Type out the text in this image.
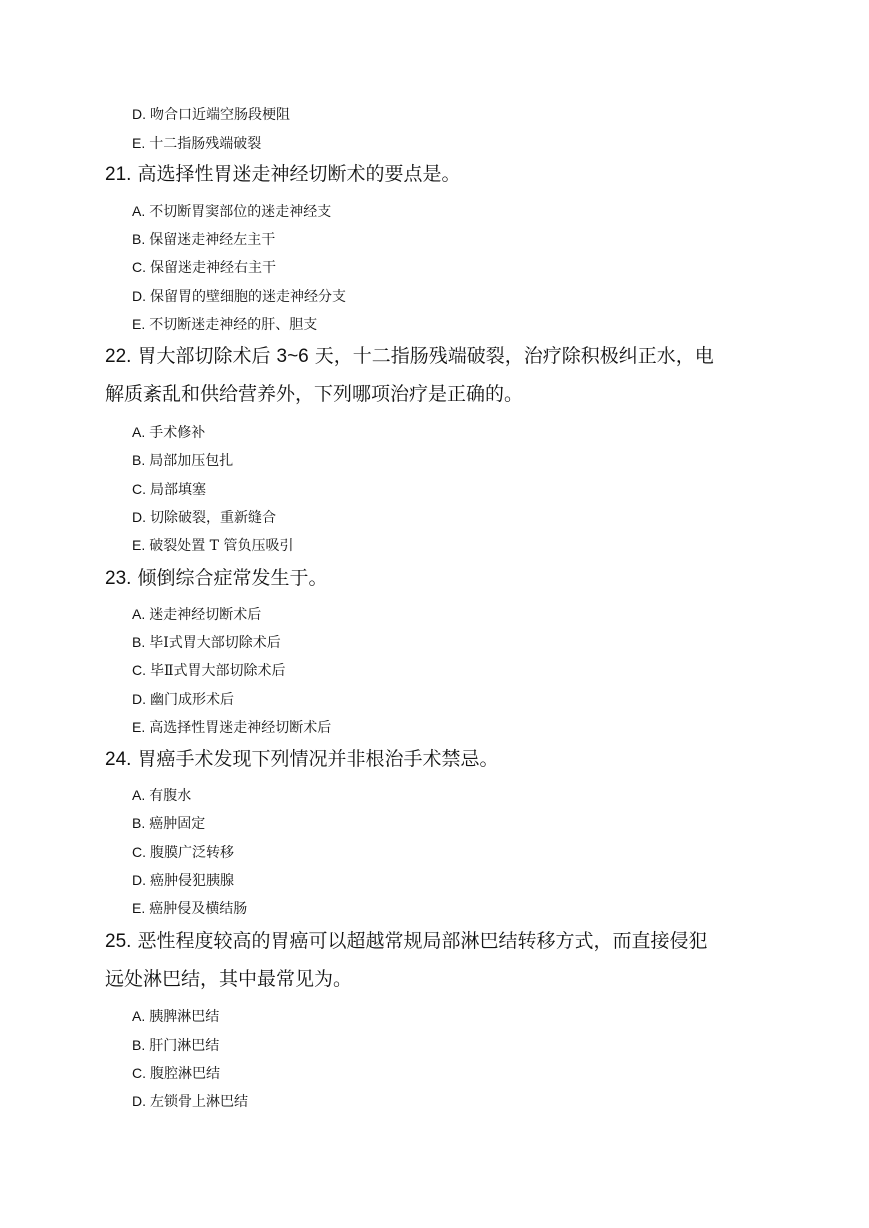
D. 吻合口近端空肠段梗阻
E. 十二指肠残端破裂
21. 高选择性胃迷走神经切断术的要点是。
A. 不切断胃窦部位的迷走神经支
B. 保留迷走神经左主干
C. 保留迷走神经右主干
D. 保留胃的壁细胞的迷走神经分支
E. 不切断迷走神经的肝、胆支
22. 胃大部切除术后 3~6 天，十二指肠残端破裂，治疗除积极纠正水，电
解质紊乱和供给营养外，下列哪项治疗是正确的。
A. 手术修补
B. 局部加压包扎
C. 局部填塞
D. 切除破裂，重新缝合
E. 破裂处置 T 管负压吸引
23. 倾倒综合症常发生于。
A. 迷走神经切断术后
B. 毕Ⅰ式胃大部切除术后
C. 毕Ⅱ式胃大部切除术后
D. 幽门成形术后
E. 高选择性胃迷走神经切断术后
24. 胃癌手术发现下列情况并非根治手术禁忌。
A. 有腹水
B. 癌肿固定
C. 腹膜广泛转移
D. 癌肿侵犯胰腺
E. 癌肿侵及横结肠
25. 恶性程度较高的胃癌可以超越常规局部淋巴结转移方式，而直接侵犯
远处淋巴结，其中最常见为。
A. 胰脾淋巴结
B. 肝门淋巴结
C. 腹腔淋巴结
D. 左锁骨上淋巴结
